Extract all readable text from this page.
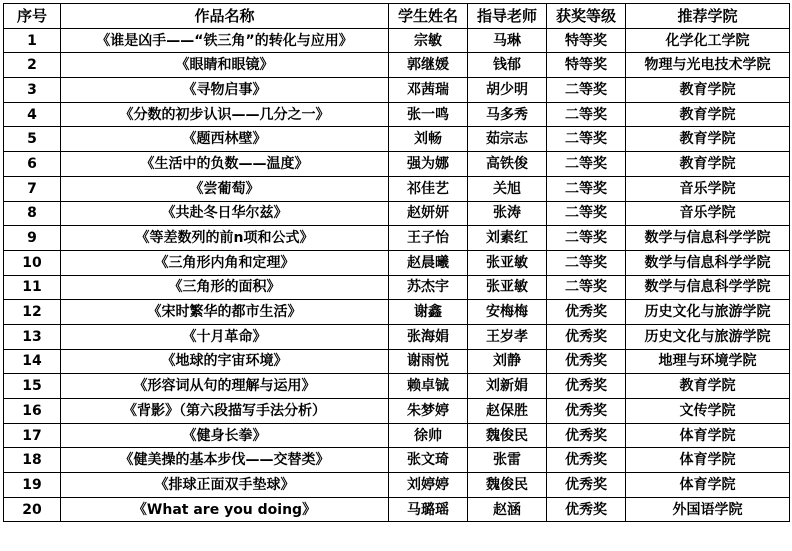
序号	作品名称	学生姓名	指导老师	获奖等级	推荐学院
1	《谁是凶手——“铁三角”的转化与应用》	宗敏	马琳	特等奖	化学化工学院
2	《眼睛和眼镜》	郭继媛	钱郁	特等奖	物理与光电技术学院
3	《寻物启事》	邓茜瑞	胡少明	二等奖	教育学院
4	《分数的初步认识——几分之一》	张一鸣	马多秀	二等奖	教育学院
5	《题西林壁》	刘畅	茹宗志	二等奖	教育学院
6	《生活中的负数——温度》	强为娜	高铁俊	二等奖	教育学院
7	《尝葡萄》	祁佳艺	关旭	二等奖	音乐学院
8	《共赴冬日华尔兹》	赵妍妍	张涛	二等奖	音乐学院
9	《等差数列的前n项和公式》	王子怡	刘素红	二等奖	数学与信息科学学院
10	《三角形内角和定理》	赵晨曦	张亚敏	二等奖	数学与信息科学学院
11	《三角形的面积》	苏杰宇	张亚敏	二等奖	数学与信息科学学院
12	《宋时繁华的都市生活》	谢鑫	安梅梅	优秀奖	历史文化与旅游学院
13	《十月革命》	张海娟	王岁孝	优秀奖	历史文化与旅游学院
14	《地球的宇宙环境》	谢雨悦	刘静	优秀奖	地理与环境学院
15	《形容词从句的理解与运用》	赖卓铖	刘新娟	优秀奖	教育学院
16	《背影》（第六段描写手法分析）	朱梦婷	赵保胜	优秀奖	文传学院
17	《健身长拳》	徐帅	魏俊民	优秀奖	体育学院
18	《健美操的基本步伐——交替类》	张文琦	张雷	优秀奖	体育学院
19	《排球正面双手垫球》	刘婷婷	魏俊民	优秀奖	体育学院
20	《What are you doing》	马璐瑶	赵涵	优秀奖	外国语学院
